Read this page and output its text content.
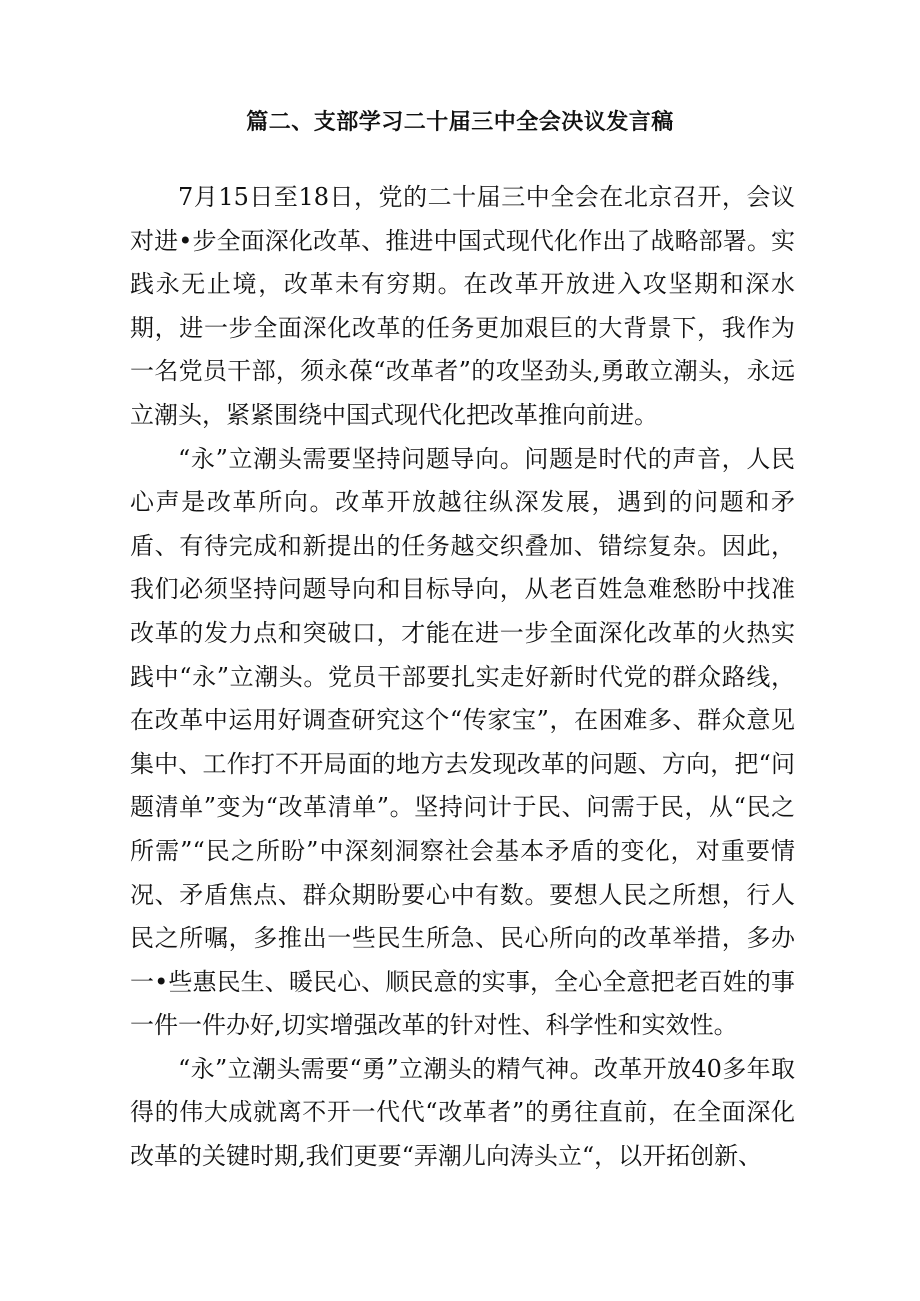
篇二、支部学习二十届三中全会决议发言稿

7月15日至18日，党的二十届三中全会在北京召开，会议对进•步全面深化改革、推进中国式现代化作出了战略部署。实践永无止境，改革未有穷期。在改革开放进入攻坚期和深水期，进一步全面深化改革的任务更加艰巨的大背景下，我作为一名党员干部，须永葆“改革者”的攻坚劲头,勇敢立潮头，永远立潮头，紧紧围绕中国式现代化把改革推向前进。

“永”立潮头需要坚持问题导向。问题是时代的声音，人民心声是改革所向。改革开放越往纵深发展，遇到的问题和矛盾、有待完成和新提出的任务越交织叠加、错综复杂。因此，我们必须坚持问题导向和目标导向，从老百姓急难愁盼中找准改革的发力点和突破口，才能在进一步全面深化改革的火热实践中“永”立潮头。党员干部要扎实走好新时代党的群众路线，在改革中运用好调查研究这个“传家宝”，在困难多、群众意见集中、工作打不开局面的地方去发现改革的问题、方向，把“问题清单”变为“改革清单”。坚持问计于民、问需于民，从“民之所需”“民之所盼”中深刻洞察社会基本矛盾的变化，对重要情况、矛盾焦点、群众期盼要心中有数。要想人民之所想，行人民之所嘱，多推出一些民生所急、民心所向的改革举措，多办一•些惠民生、暖民心、顺民意的实事，全心全意把老百姓的事一件一件办好,切实增强改革的针对性、科学性和实效性。

“永”立潮头需要“勇”立潮头的精气神。改革开放40多年取得的伟大成就离不开一代代“改革者”的勇往直前，在全面深化改革的关键时期,我们更要“弄潮儿向涛头立“，以开拓创新、
